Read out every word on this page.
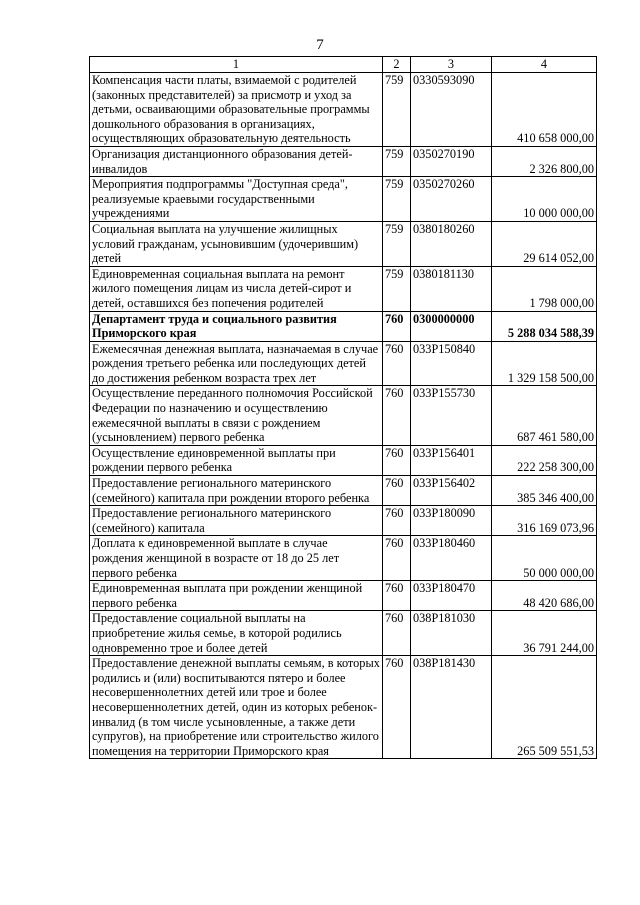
7
1	2	3	4
Компенсация части платы, взимаемой с родителей (законных представителей) за присмотр и уход за детьми, осваивающими образовательные программы дошкольного образования в организациях, осуществляющих образовательную деятельность	759	0330593090	410 658 000,00
Организация дистанционного образования детей-инвалидов	759	0350270190	2 326 800,00
Мероприятия подпрограммы "Доступная среда", реализуемые краевыми государственными учреждениями	759	0350270260	10 000 000,00
Социальная выплата на улучшение жилищных условий гражданам, усыновившим (удочерившим) детей	759	0380180260	29 614 052,00
Единовременная социальная выплата на ремонт жилого помещения лицам из числа детей-сирот и детей, оставшихся без попечения родителей	759	0380181130	1 798 000,00
Департамент труда и социального развития Приморского края	760	0300000000	5 288 034 588,39
Ежемесячная денежная выплата, назначаемая в случае рождения третьего ребенка или последующих детей до достижения ребенком возраста трех лет	760	033P150840	1 329 158 500,00
Осуществление переданного полномочия Российской Федерации по назначению и осуществлению ежемесячной выплаты в связи с рождением (усыновлением) первого ребенка	760	033P155730	687 461 580,00
Осуществление единовременной выплаты при рождении первого ребенка	760	033P156401	222 258 300,00
Предоставление регионального материнского (семейного) капитала при рождении второго ребенка	760	033P156402	385 346 400,00
Предоставление регионального материнского (семейного) капитала	760	033P180090	316 169 073,96
Доплата к единовременной выплате в случае рождения женщиной в возрасте от 18 до 25 лет первого ребенка	760	033P180460	50 000 000,00
Единовременная выплата при рождении женщиной первого ребенка	760	033P180470	48 420 686,00
Предоставление социальной выплаты на приобретение жилья семье, в которой родились одновременно трое и более детей	760	038P181030	36 791 244,00
Предоставление денежной выплаты семьям, в которых родились и (или) воспитываются пятеро и более несовершеннолетних детей или трое и более несовершеннолетних детей, один из которых ребенок-инвалид (в том числе усыновленные, а также дети супругов), на приобретение или строительство жилого помещения на территории Приморского края	760	038P181430	265 509 551,53
